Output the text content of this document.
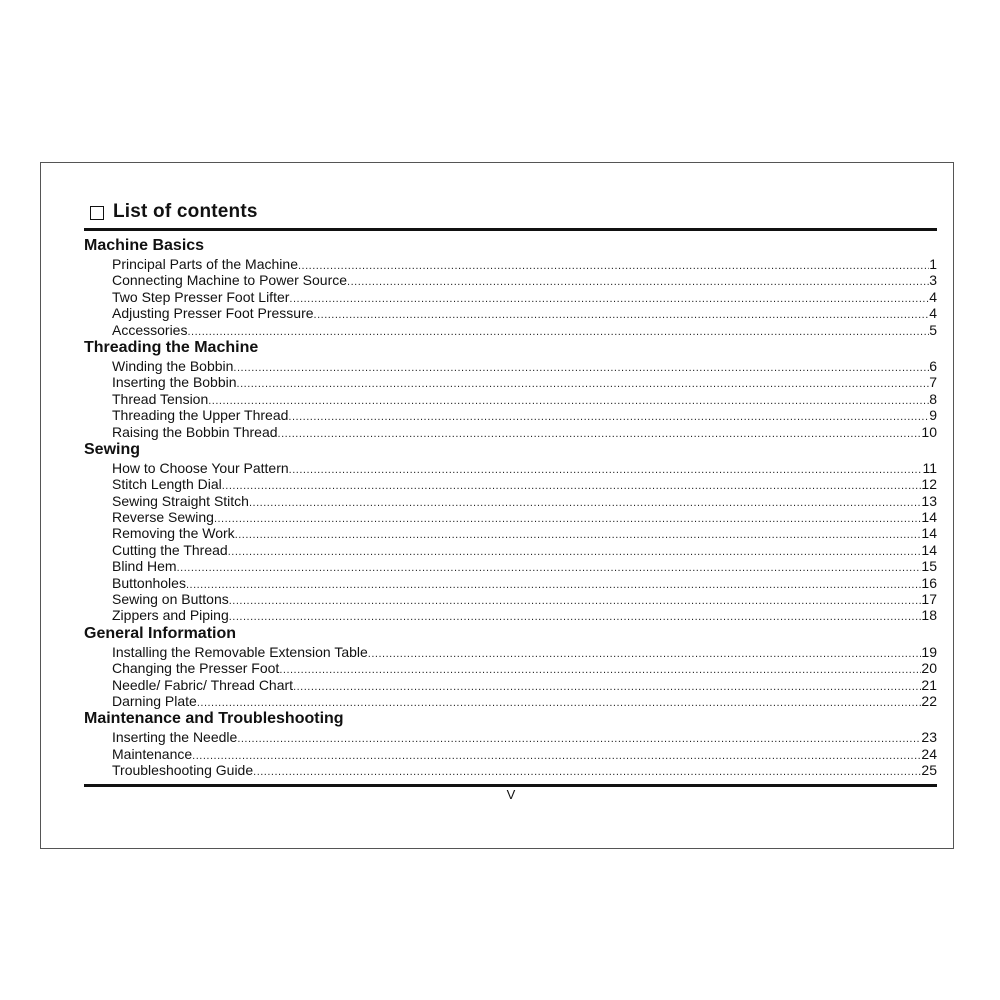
List of contents
Machine Basics
Principal Parts of the Machine .....	1
Connecting Machine to Power Source .....	3
Two Step Presser Foot Lifter .....	4
Adjusting Presser Foot Pressure .....	4
Accessories .....	5
Threading the Machine
Winding the Bobbin .....	6
Inserting the Bobbin .....	7
Thread Tension .....	8
Threading the Upper Thread .....	9
Raising the Bobbin Thread .....	10
Sewing
How to Choose Your Pattern .....	11
Stitch Length Dial .....	12
Sewing Straight Stitch .....	13
Reverse Sewing .....	14
Removing the Work .....	14
Cutting the Thread .....	14
Blind Hem .....	15
Buttonholes .....	16
Sewing on Buttons .....	17
Zippers and Piping .....	18
General Information
Installing the Removable Extension Table .....	19
Changing the Presser Foot .....	20
Needle/ Fabric/ Thread Chart .....	21
Darning Plate .....	22
Maintenance and Troubleshooting
Inserting the Needle .....	23
Maintenance .....	24
Troubleshooting Guide .....	25
V
